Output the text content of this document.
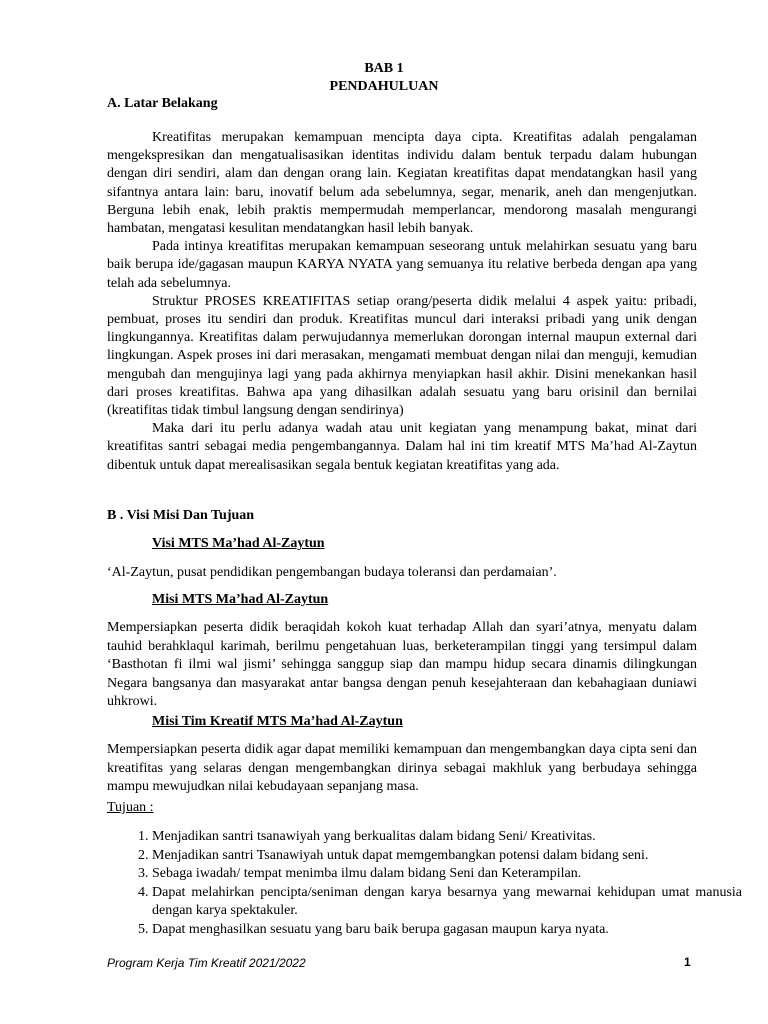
BAB 1
PENDAHULUAN
A. Latar Belakang

Kreatifitas merupakan kemampuan mencipta daya cipta. Kreatifitas adalah pengalaman mengekspresikan dan mengatualisasikan identitas individu dalam bentuk terpadu dalam hubungan dengan diri sendiri, alam dan dengan orang lain. Kegiatan kreatifitas dapat mendatangkan hasil yang sifantnya antara lain: baru, inovatif belum ada sebelumnya, segar, menarik, aneh dan mengenjutkan. Berguna lebih enak, lebih praktis mempermudah memperlancar, mendorong masalah mengurangi hambatan, mengatasi kesulitan mendatangkan hasil lebih banyak.

Pada intinya kreatifitas merupakan kemampuan seseorang untuk melahirkan sesuatu yang baru baik berupa ide/gagasan maupun KARYA NYATA yang semuanya itu relative berbeda dengan apa yang telah ada sebelumnya.

Struktur PROSES KREATIFITAS setiap orang/peserta didik melalui 4 aspek yaitu: pribadi, pembuat, proses itu sendiri dan produk. Kreatifitas muncul dari interaksi pribadi yang unik dengan lingkungannya. Kreatifitas dalam perwujudannya memerlukan dorongan internal maupun external dari lingkungan. Aspek proses ini dari merasakan, mengamati membuat dengan nilai dan menguji, kemudian mengubah dan mengujinya lagi yang pada akhirnya menyiapkan hasil akhir. Disini menekankan hasil dari proses kreatifitas. Bahwa apa yang dihasilkan adalah sesuatu yang baru orisinil dan bernilai (kreatifitas tidak timbul langsung dengan sendirinya)

Maka dari itu perlu adanya wadah atau unit kegiatan yang menampung bakat, minat dari kreatifitas santri sebagai media pengembangannya. Dalam hal ini tim kreatif MTS Ma’had Al-Zaytun dibentuk untuk dapat merealisasikan segala bentuk kegiatan kreatifitas yang ada.

B . Visi Misi Dan Tujuan
Visi MTS Ma’had Al-Zaytun
‘Al-Zaytun, pusat pendidikan pengembangan budaya toleransi dan perdamaian’.
Misi MTS Ma’had Al-Zaytun
Mempersiapkan peserta didik beraqidah kokoh kuat terhadap Allah dan syari’atnya, menyatu dalam tauhid berahklaqul karimah, berilmu pengetahuan luas, berketerampilan tinggi yang tersimpul dalam ‘Basthotan fi ilmi wal jismi’ sehingga sanggup siap dan mampu hidup secara dinamis dilingkungan Negara bangsanya dan masyarakat antar bangsa dengan penuh kesejahteraan dan kebahagiaan duniawi uhkrowi.
Misi Tim Kreatif MTS Ma’had Al-Zaytun
Mempersiapkan peserta didik agar dapat memiliki kemampuan dan mengembangkan daya cipta seni dan kreatifitas yang selaras dengan mengembangkan dirinya sebagai makhluk yang berbudaya sehingga mampu mewujudkan nilai kebudayaan sepanjang masa.
Tujuan :
1. Menjadikan santri tsanawiyah yang berkualitas dalam bidang Seni/ Kreativitas.
2. Menjadikan santri Tsanawiyah untuk dapat memgembangkan potensi dalam bidang seni.
3. Sebaga iwadah/ tempat menimba ilmu dalam bidang Seni dan Keterampilan.
4. Dapat melahirkan pencipta/seniman dengan karya besarnya yang mewarnai kehidupan umat manusia dengan karya spektakuler.
5. Dapat menghasilkan sesuatu yang baru baik berupa gagasan maupun karya nyata.
Program Kerja Tim Kreatif 2021/2022	1
